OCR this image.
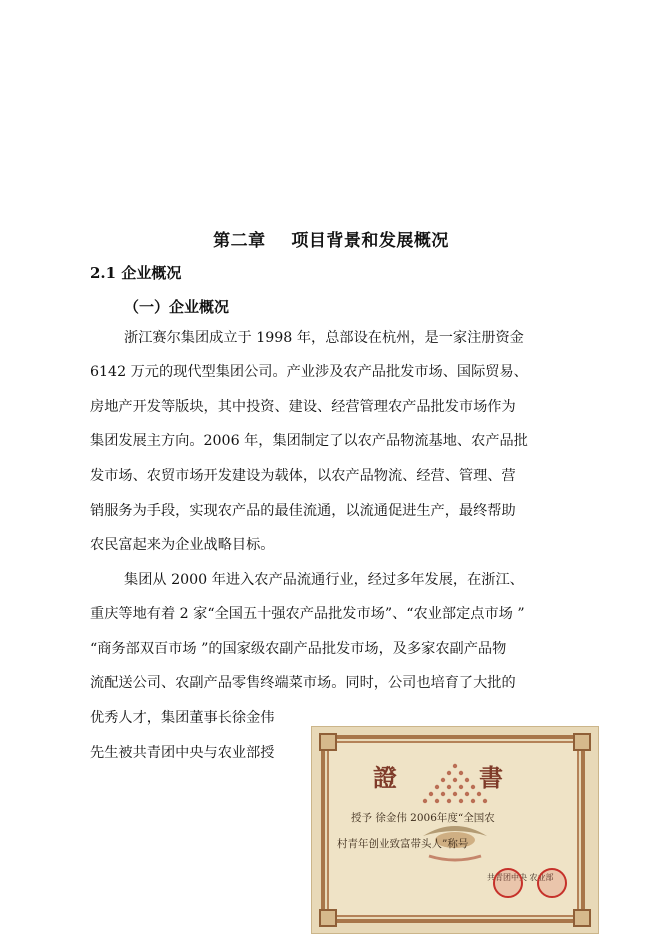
第二章    项目背景和发展概况
2.1 企业概况
（一）企业概况
浙江赛尔集团成立于 1998 年，总部设在杭州，是一家注册资金
6142 万元的现代型集团公司。产业涉及农产品批发市场、国际贸易、
房地产开发等版块，其中投资、建设、经营管理农产品批发市场作为
集团发展主方向。2006 年，集团制定了以农产品物流基地、农产品批
发市场、农贸市场开发建设为载体，以农产品物流、经营、管理、营
销服务为手段，实现农产品的最佳流通，以流通促进生产，最终帮助
农民富起来为企业战略目标。
集团从 2000 年进入农产品流通行业，经过多年发展，在浙江、
重庆等地有着 2 家“全国五十强农产品批发市场”、“农业部定点市场 ”
“商务部双百市场 ”的国家级农副产品批发市场，及多家农副产品物
流配送公司、农副产品零售终端菜市场。同时，公司也培育了大批的
优秀人才，集团董事长徐金伟
先生被共青团中央与农业部授
證	書
授予 徐金伟 2006年度“全国农
村青年创业致富带头人”称号
共青团中央 农业部
